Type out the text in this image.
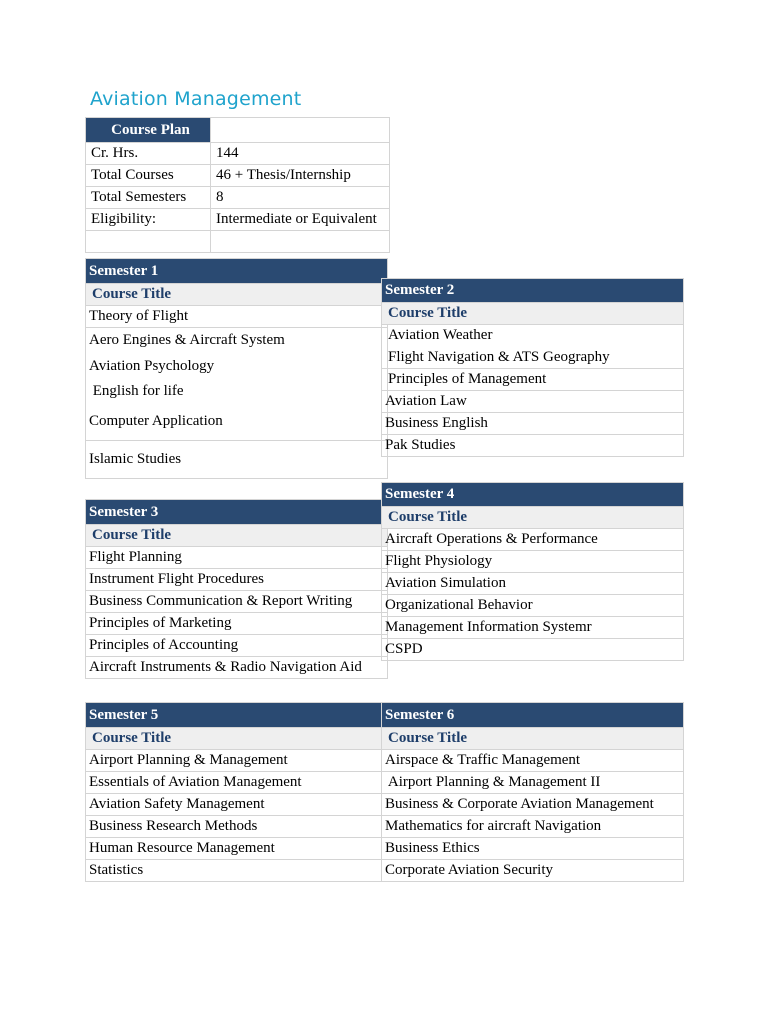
Aviation Management
Course Plan	
Cr. Hrs.	144
Total Courses	46 + Thesis/Internship
Total Semesters	8
Eligibility:	Intermediate or Equivalent

Semester 1
Course Title
Theory of Flight
Aero Engines & Aircraft System
Aviation Psychology
English for life
Computer Application
Islamic Studies
Semester 2
Course Title
Aviation Weather
Flight Navigation & ATS Geography
Principles of Management
Aviation Law
Business English
Pak Studies
Semester 3
Course Title
Flight Planning
Instrument Flight Procedures
Business Communication & Report Writing
Principles of Marketing
Principles of Accounting
Aircraft Instruments & Radio Navigation Aid
Semester 4
Course Title
Aircraft Operations & Performance
Flight Physiology
Aviation Simulation
Organizational Behavior
Management Information Systemr
CSPD
Semester 5
Course Title
Airport Planning & Management
Essentials of Aviation Management
Aviation Safety Management
Business Research Methods
Human Resource Management
Statistics
Semester 6
Course Title
Airspace & Traffic Management
Airport Planning & Management II
Business & Corporate Aviation Management
Mathematics for aircraft Navigation
Business Ethics
Corporate Aviation Security
